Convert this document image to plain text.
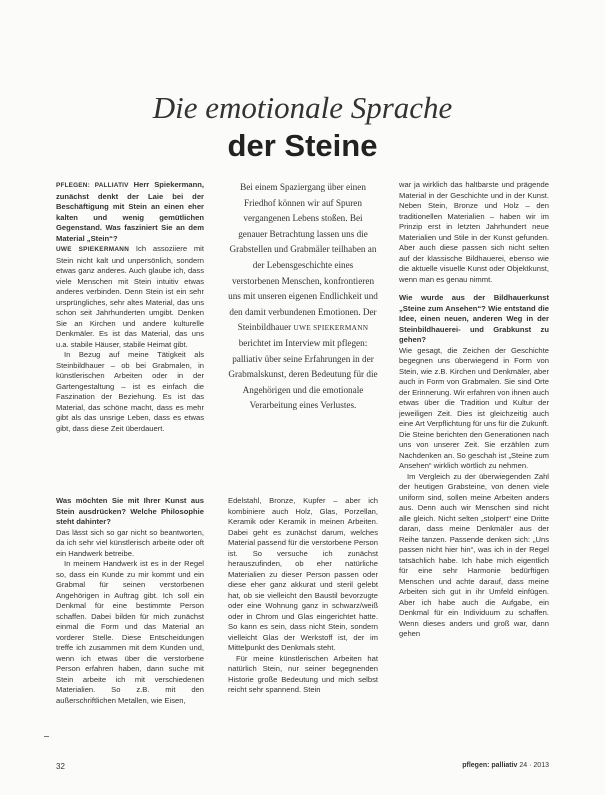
Die emotionale Sprache
der Steine

PFLEGEN: PALLIATIV Herr Spiekermann, zunächst denkt der Laie bei der Beschäftigung mit Stein an einen eher kalten und wenig gemütlichen Gegenstand. Was fasziniert Sie an dem Material „Stein“?

UWE SPIEKERMANN Ich assoziiere mit Stein nicht kalt und unpersönlich, sondern etwas ganz anderes. Auch glaube ich, dass viele Menschen mit Stein intuitiv etwas anderes verbinden. Denn Stein ist ein sehr ursprüngliches, sehr altes Material, das uns schon seit Jahrhunderten umgibt. Denken Sie an Kirchen und andere kulturelle Denkmäler. Es ist das Material, das uns u.a. stabile Häuser, stabile Heimat gibt.

In Bezug auf meine Tätigkeit als Steinbildhauer – ob bei Grabmalen, in künstlerischen Arbeiten oder in der Gartengestaltung – ist es einfach die Faszination der Beziehung. Es ist das Material, das schöne macht, dass es mehr gibt als das unsrige Leben, dass es etwas gibt, dass diese Zeit überdauert.

Bei einem Spaziergang über einen Friedhof können wir auf Spuren vergangenen Lebens stoßen. Bei genauer Betrachtung lassen uns die Grabstellen und Grabmäler teilhaben an der Lebensgeschichte eines verstorbenen Menschen, konfrontieren uns mit unseren eigenen Endlichkeit und den damit verbundenen Emotionen. Der Steinbildhauer UWE SPIEKERMANN berichtet im Interview mit pflegen: palliativ über seine Erfahrungen in der Grabmalskunst, deren Bedeutung für die Angehörigen und die emotionale Verarbeitung eines Verlustes.

Was möchten Sie mit Ihrer Kunst aus Stein ausdrücken? Welche Philosophie steht dahinter?

Das lässt sich so gar nicht so beantworten, da ich sehr viel künstlerisch arbeite oder oft ein Handwerk betreibe.

In meinem Handwerk ist es in der Regel so, dass ein Kunde zu mir kommt und ein Grabmal für seinen verstorbenen Angehörigen in Auftrag gibt. Ich soll ein Denkmal für eine bestimmte Person schaffen. Dabei bilden für mich zunächst einmal die Form und das Material an vorderer Stelle. Diese Entscheidungen treffe ich zusammen mit dem Kunden und, wenn ich etwas über die verstorbene Person erfahren haben, dann suche mit Stein arbeite ich mit verschiedenen Materialien. So z.B. mit den außerschriftlichen Metallen, wie Eisen,

Edelstahl, Bronze, Kupfer – aber ich kombiniere auch Holz, Glas, Porzellan, Keramik oder Keramik in meinen Arbeiten. Dabei geht es zunächst darum, welches Material passend für die verstorbene Person ist. So versuche ich zunächst herauszufinden, ob eher natürliche Materialien zu dieser Person passen oder diese eher ganz akkurat und steril gelebt hat, ob sie vielleicht den Baustil bevorzugte oder eine Wohnung ganz in schwarz/weiß oder in Chrom und Glas eingerichtet hatte. So kann es sein, dass nicht Stein, sondern vielleicht Glas der Werkstoff ist, der im Mittelpunkt des Denkmals steht.

Für meine künstlerischen Arbeiten hat natürlich Stein, nur seiner begegnenden Historie große Bedeutung und mich selbst reicht sehr spannend. Stein

war ja wirklich das haltbarste und prägende Material in der Geschichte und in der Kunst. Neben Stein, Bronze und Holz – den traditionellen Materialien – haben wir im Prinzip erst in letzten Jahrhundert neue Materialien und Stile in der Kunst gefunden. Aber auch diese passen sich nicht selten auf der klassische Bildhauerei, ebenso wie die aktuelle visuelle Kunst oder Objektkunst, wenn man es genau nimmt.

Wie wurde aus der Bildhauerkunst „Steine zum Ansehen“? Wie entstand die Idee, einen neuen, anderen Weg in der Steinbildhauerei- und Grabkunst zu gehen?

Wie gesagt, die Zeichen der Geschichte begegnen uns überwiegend in Form von Stein, wie z.B. Kirchen und Denkmäler, aber auch in Form von Grabmalen. Sie sind Orte der Erinnerung. Wir erfahren von ihnen auch etwas über die Tradition und Kultur der jeweiligen Zeit. Dies ist gleichzeitig auch eine Art Verpflichtung für uns für die Zukunft. Die Steine berichten den Generationen nach uns von unserer Zeit. Sie erzählen zum Nachdenken an. So geschah ist „Steine zum Ansehen“ wirklich wörtlich zu nehmen.

Im Vergleich zu der überwiegenden Zahl der heutigen Grabsteine, von denen viele uniform sind, sollen meine Arbeiten anders aus. Denn auch wir Menschen sind nicht alle gleich. Nicht selten „stolpert“ eine Dritte daran, dass meine Denkmäler aus der Reihe tanzen. Passende denken sich: „Uns passen nicht hier hin“, was ich in der Regel tatsächlich habe. Ich habe mich eigentlich für eine sehr Harmonie bedürftigen Menschen und achte darauf, dass meine Arbeiten sich gut in ihr Umfeld einfügen. Aber ich habe auch die Aufgabe, ein Denkmal für ein Individuum zu schaffen. Wenn dieses anders und groß war, dann gehen

32	pflegen: palliativ 24 · 2013
